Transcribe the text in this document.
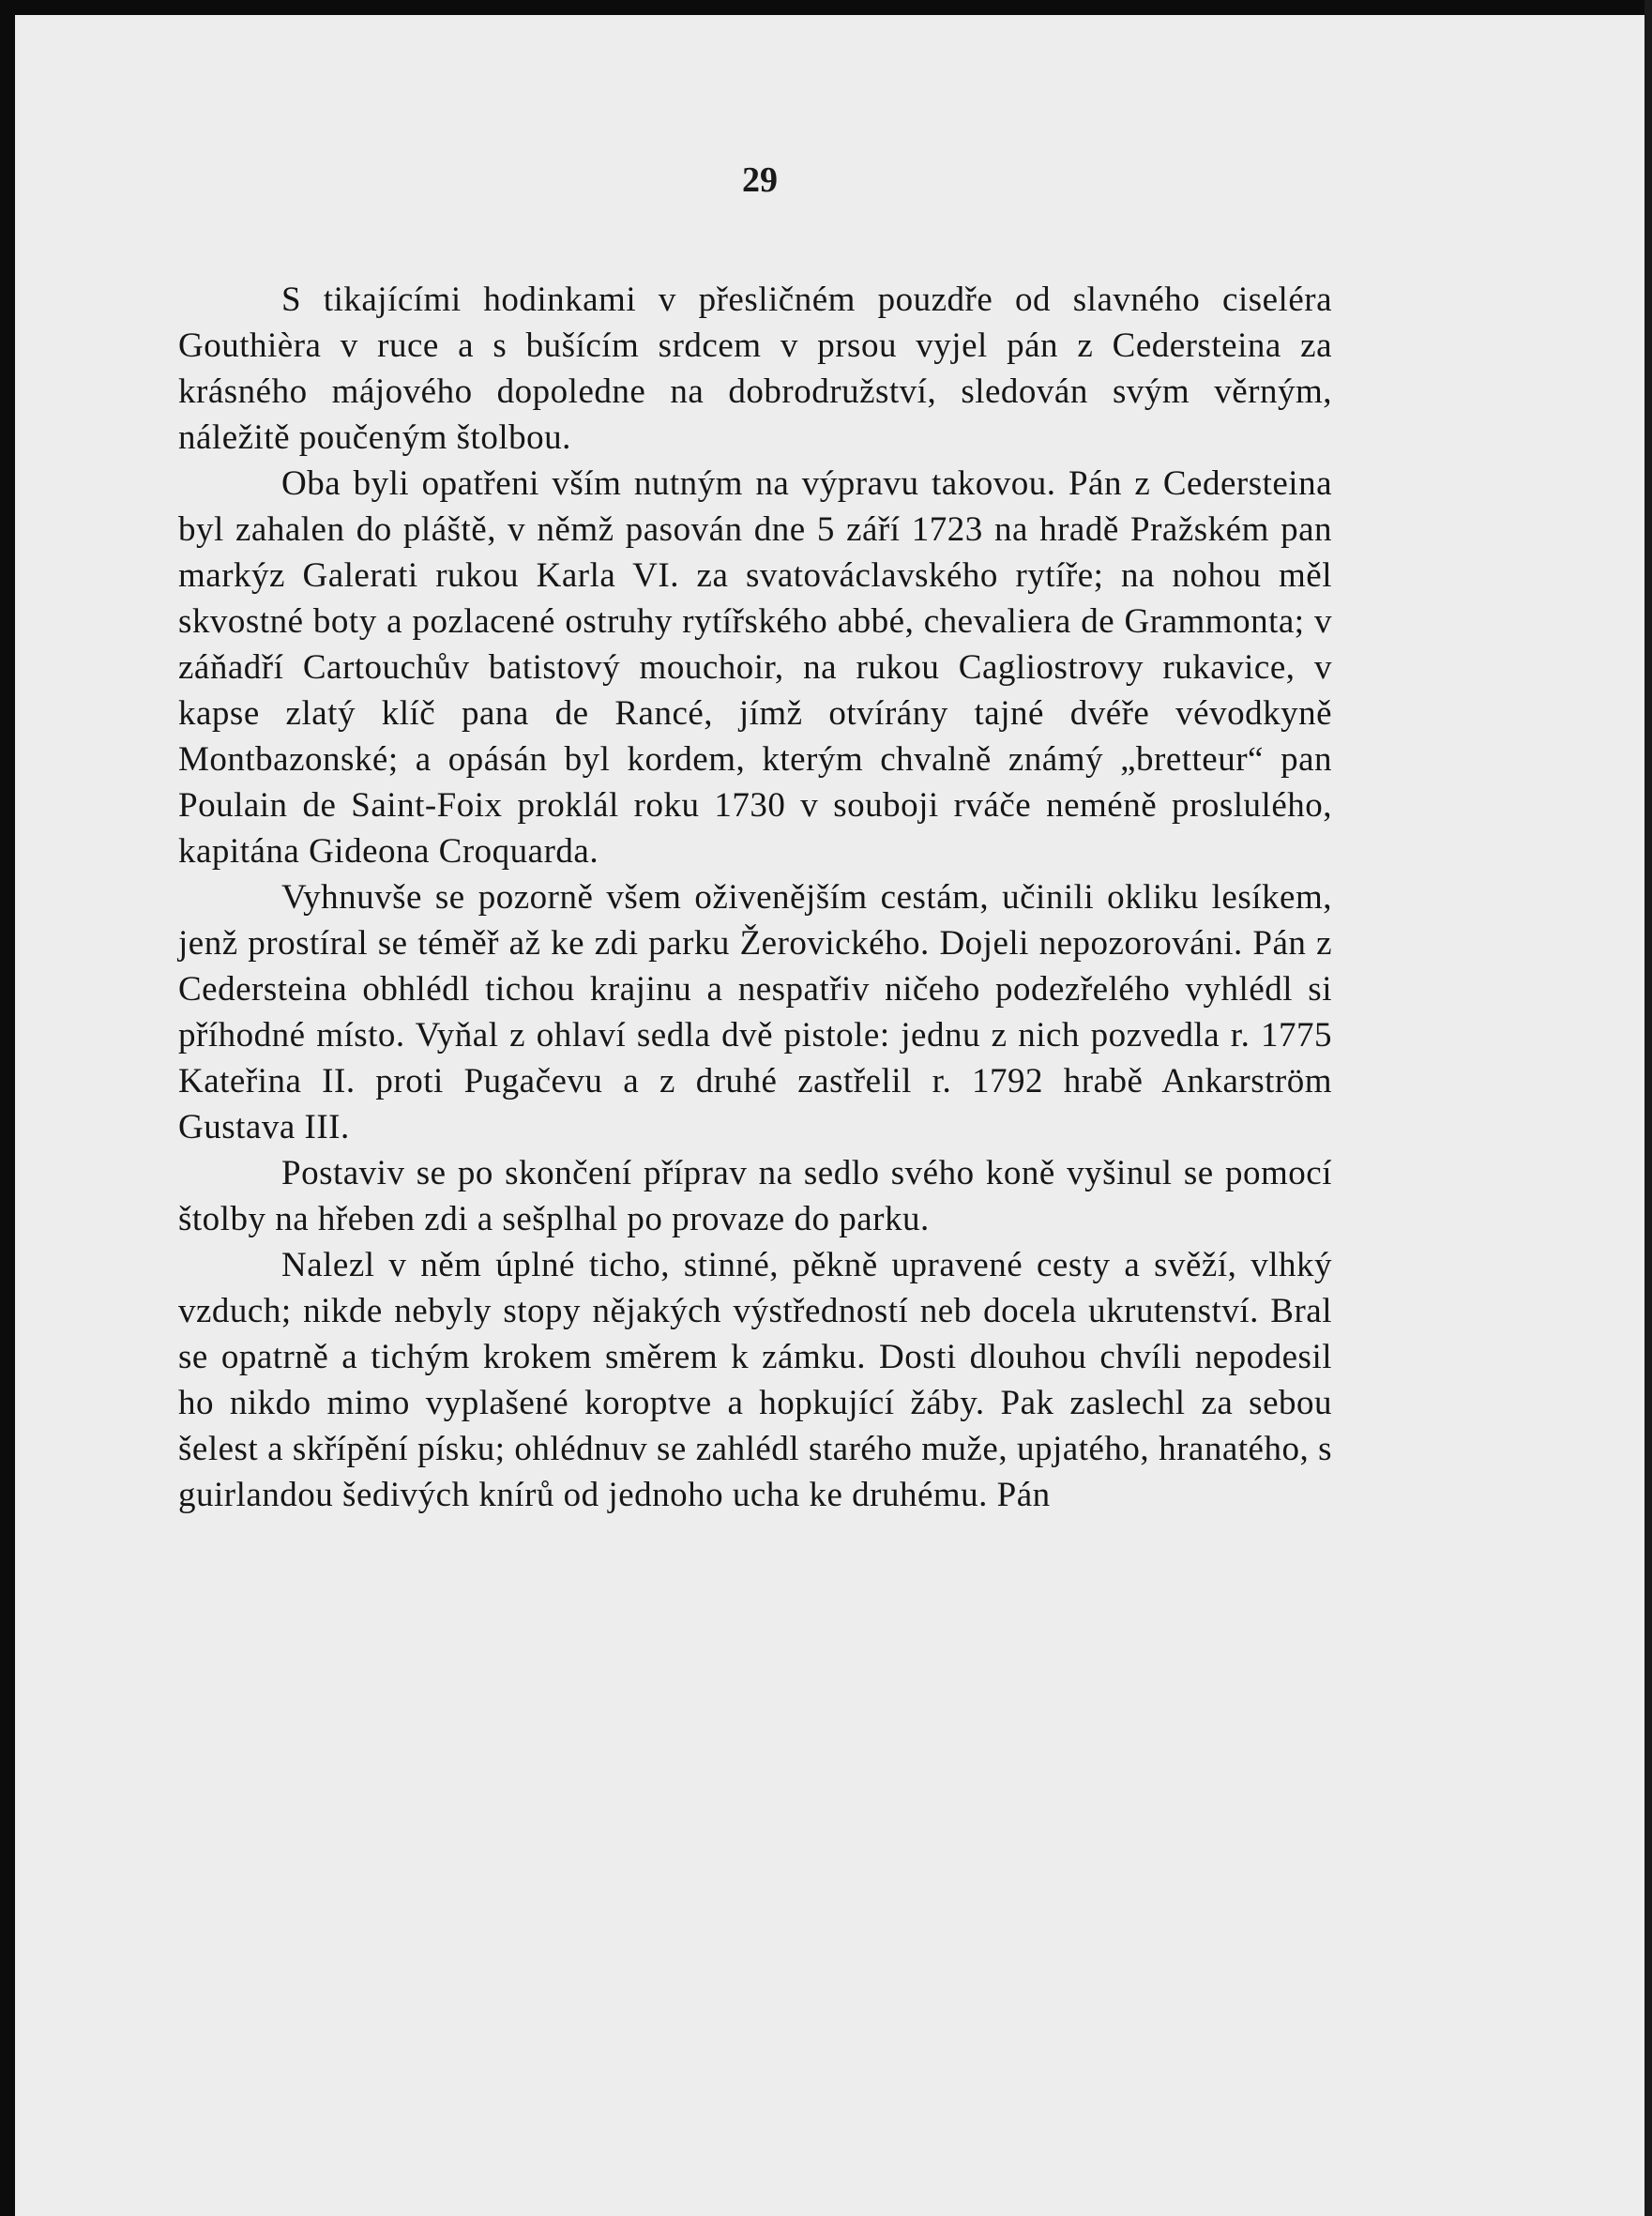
29

S tikajícími hodinkami v přesličném pouzdře od slavného ciseléra Gouthièra v ruce a s bušícím srdcem v prsou vyjel pán z Cedersteina za krásného májového dopoledne na dobrodružství, sledován svým věrným, náležitě poučeným štolbou.

Oba byli opatřeni vším nutným na výpravu takovou. Pán z Cedersteina byl zahalen do pláště, v němž pasován dne 5 září 1723 na hradě Pražském pan markýz Galerati rukou Karla VI. za svatováclavského rytíře; na nohou měl skvostné boty a pozlacené ostruhy rytířského abbé, chevaliera de Grammonta; v záňadří Cartouchův batistový mouchoir, na rukou Cagliostrovy rukavice, v kapse zlatý klíč pana de Rancé, jímž otvírány tajné dvéře vévodkyně Montbazonské; a opásán byl kordem, kterým chvalně známý „bretteur“ pan Poulain de Saint-Foix proklál roku 1730 v souboji rváče neméně proslulého, kapitána Gideona Croquarda.

Vyhnuvše se pozorně všem oživenějším cestám, učinili okliku lesíkem, jenž prostíral se téměř až ke zdi parku Žerovického. Dojeli nepozorováni. Pán z Cedersteina obhlédl tichou krajinu a nespatřiv ničeho podezřelého vyhlédl si příhodné místo. Vyňal z ohlaví sedla dvě pistole: jednu z nich pozvedla r. 1775 Kateřina II. proti Pugačevu a z druhé zastřelil r. 1792 hrabě Ankarström Gustava III.

Postaviv se po skončení příprav na sedlo svého koně vyšinul se pomocí štolby na hřeben zdi a sešplhal po provaze do parku.

Nalezl v něm úplné ticho, stinné, pěkně upravené cesty a svěží, vlhký vzduch; nikde nebyly stopy nějakých výstředností neb docela ukrutenství. Bral se opatrně a tichým krokem směrem k zámku. Dosti dlouhou chvíli nepodesil ho nikdo mimo vyplašené koroptve a hopkující žáby. Pak zaslechl za sebou šelest a skřípění písku; ohlédnuv se zahlédl starého muže, upjatého, hranatého, s guirlandou šedivých knírů od jednoho ucha ke druhému. Pán
